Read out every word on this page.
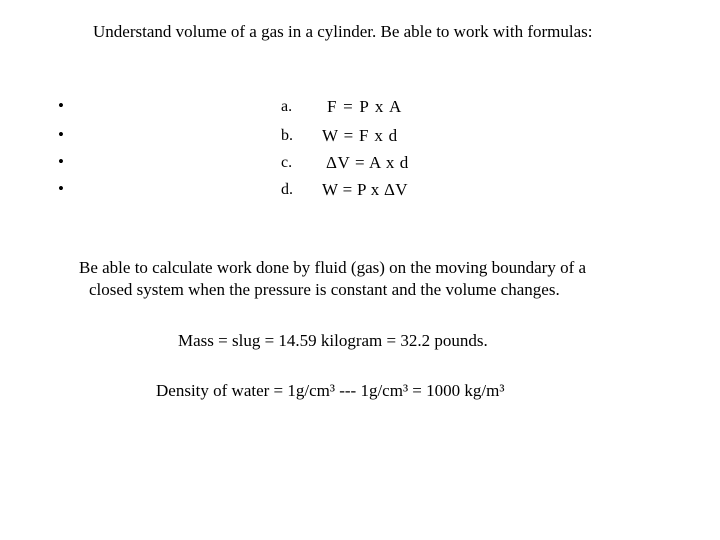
Understand volume of a gas in a cylinder. Be able to work with formulas:
•	a. F = P x A
•	b. W = F x d
•	c. ΔV = A x d
•	d. W = P x ΔV
Be able to calculate work done by fluid (gas) on the moving boundary of a
closed system when the pressure is constant and the volume changes.
Mass = slug = 14.59 kilogram = 32.2 pounds.
Density of water = 1g/cm³ --- 1g/cm³ = 1000 kg/m³
